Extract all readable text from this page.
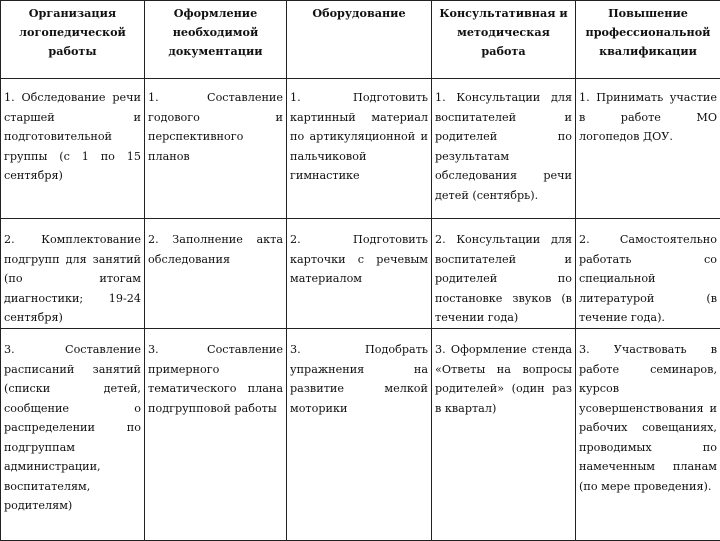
Организация логопедической работы	Оформление необходимой документации	Оборудование	Консультативная и методическая работа	Повышение профессиональной квалификации
1. Обследование речи старшей и подготовительной группы (с 1 по 15 сентября)	1. Составление годового и перспективного планов	1. Подготовить картинный материал по артикуляционной и пальчиковой гимнастике	1. Консультации для воспитателей и родителей по результатам обследования речи детей (сентябрь).	1. Принимать участие в работе МО логопедов ДОУ.
2. Комплектование подгрупп для занятий (по итогам диагностики; 19-24 сентября)	2. Заполнение акта обследования	2. Подготовить карточки с речевым материалом	2. Консультации для воспитателей и родителей по постановке звуков (в течении года)	2. Самостоятельно работать со специальной литературой (в течение года).
3. Составление расписаний занятий (списки детей, сообщение о распределении по подгруппам администрации, воспитателям, родителям)	3. Составление примерного тематического плана подгрупповой работы	3. Подобрать упражнения на развитие мелкой моторики	3. Оформление стенда «Ответы на вопросы родителей» (один раз в квартал)	3. Участвовать в работе семинаров, курсов усовершенствования и рабочих совещаниях, проводимых по намеченным планам (по мере проведения).
